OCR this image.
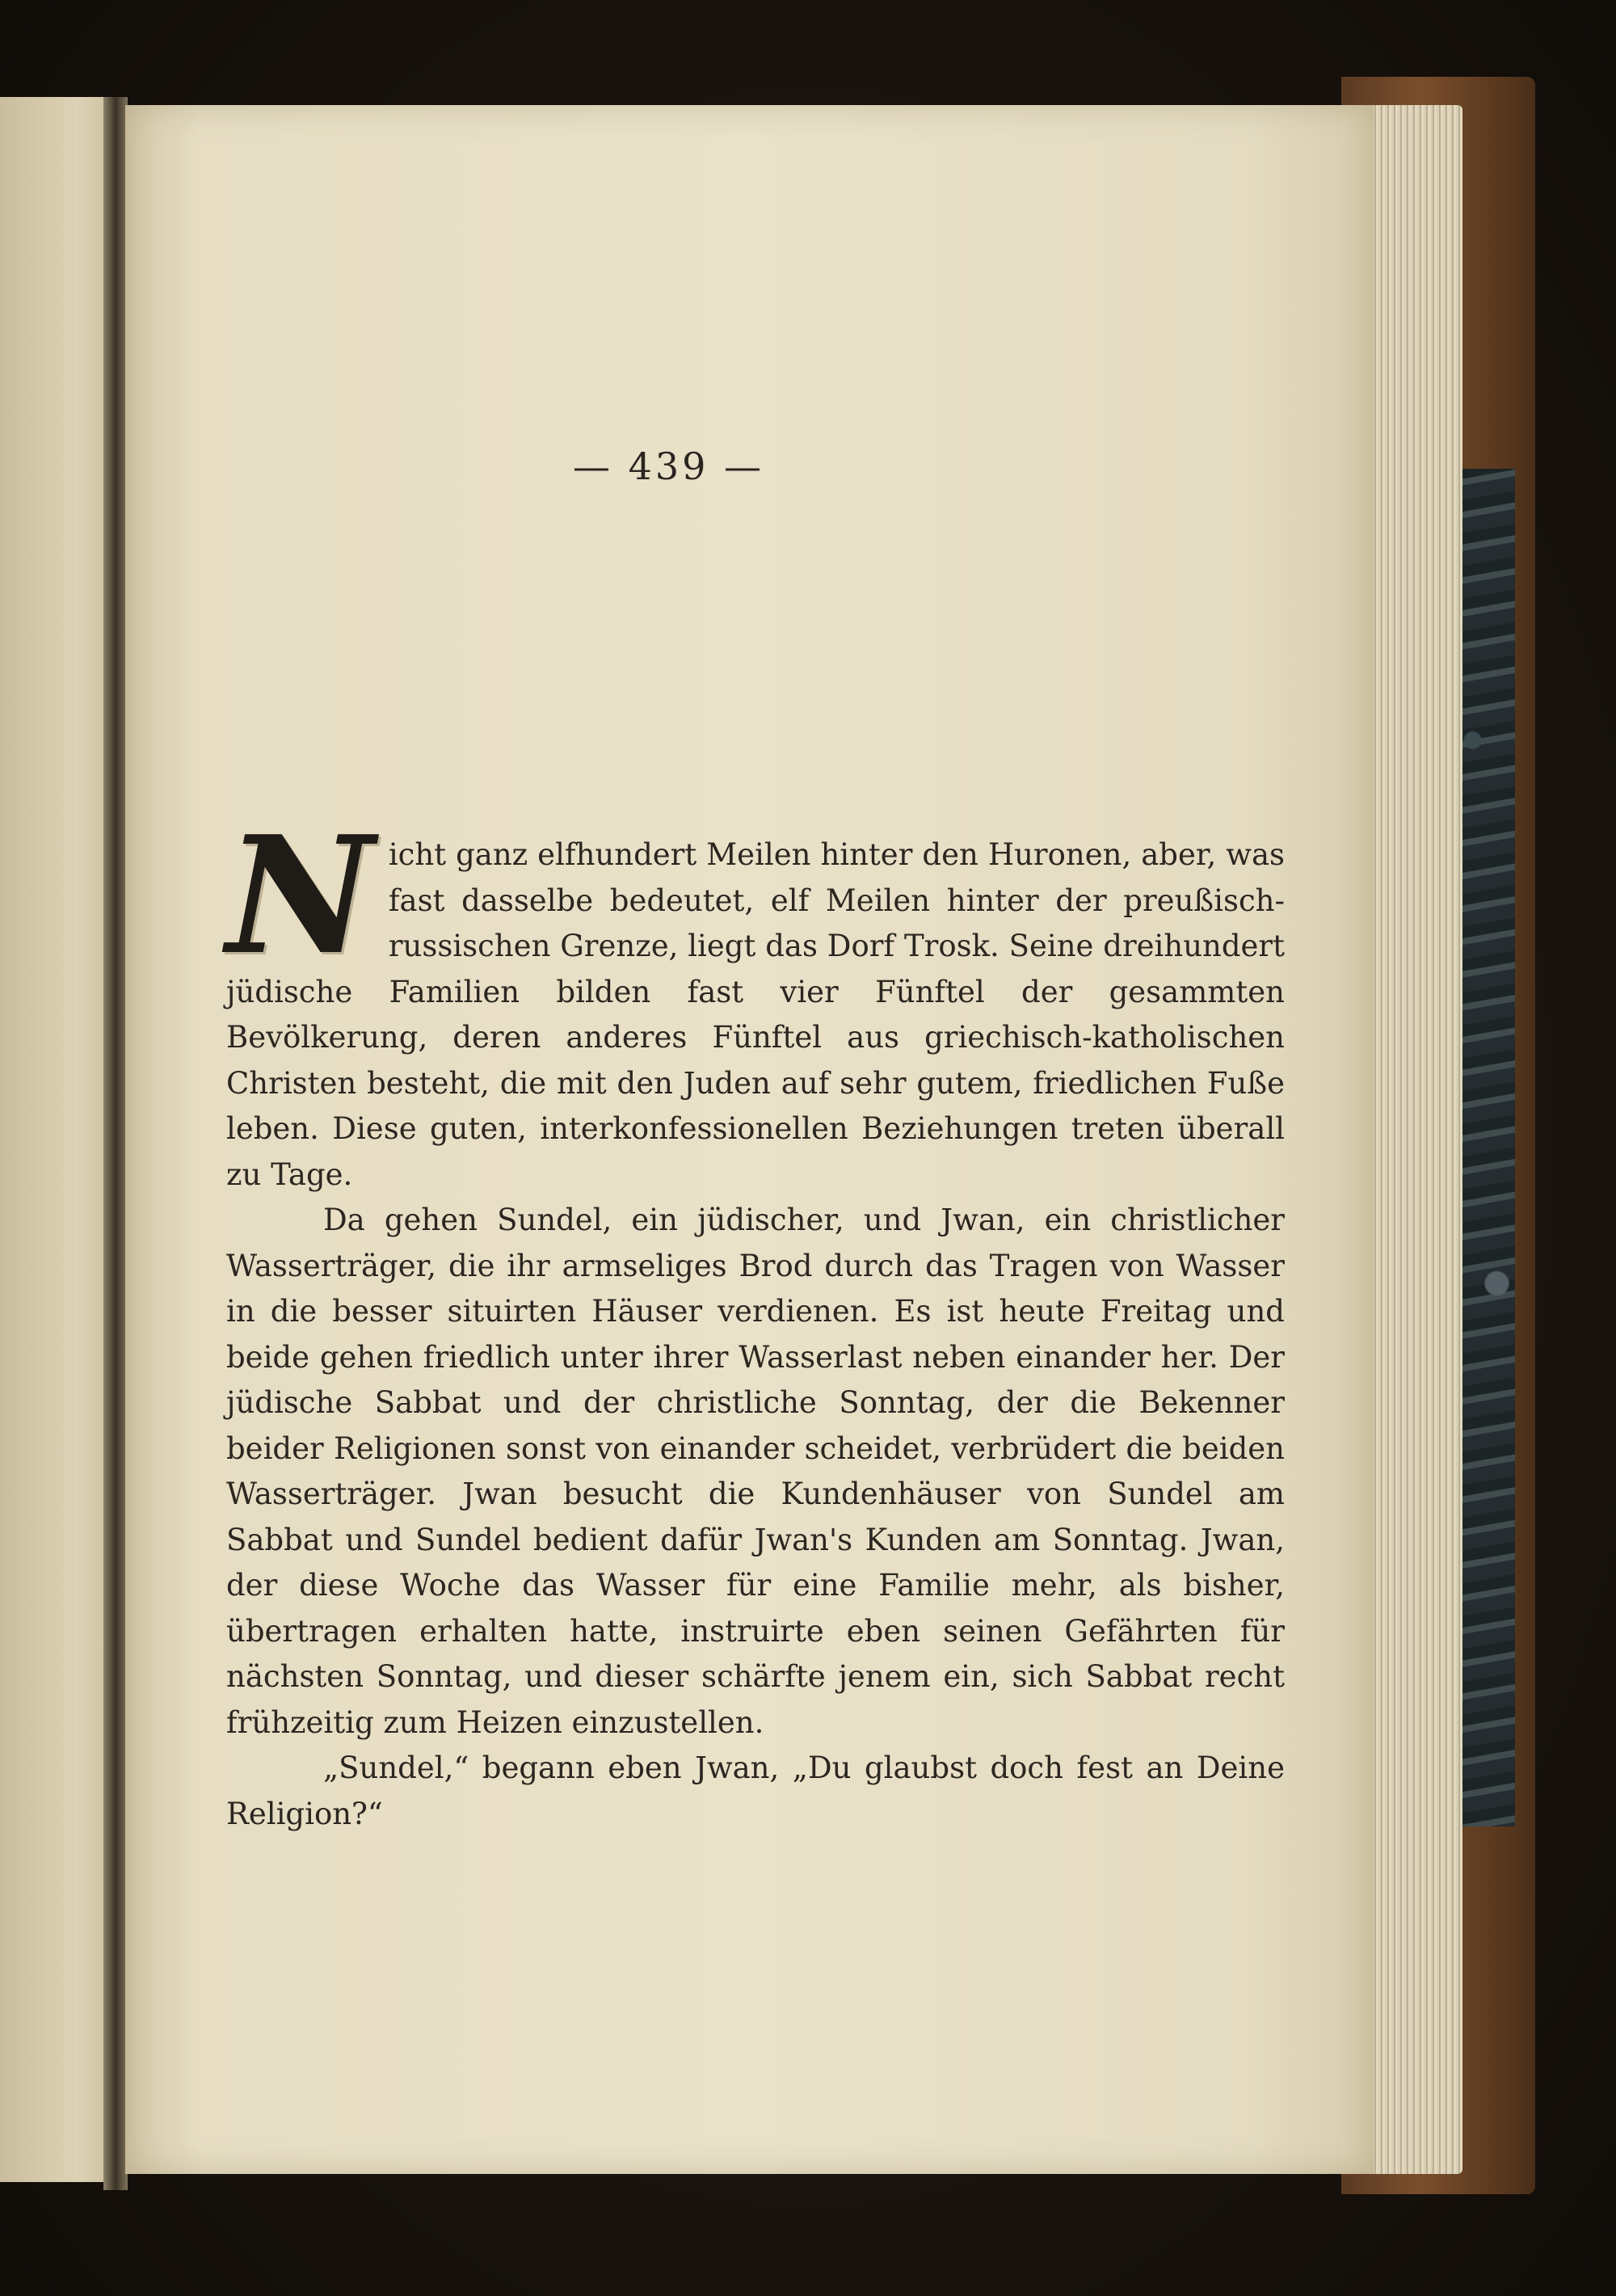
— 439 —

Nicht ganz elfhundert Meilen hinter den Huronen, aber, was fast dasselbe bedeutet, elf Meilen hinter der preußisch-russischen Grenze, liegt das Dorf Trosk. Seine dreihundert jüdische Familien bilden fast vier Fünftel der gesammten Bevölkerung, deren anderes Fünftel aus griechisch-katholischen Christen besteht, die mit den Juden auf sehr gutem, friedlichen Fuße leben. Diese guten, interkonfessionellen Beziehungen treten überall zu Tage.

Da gehen Sundel, ein jüdischer, und Jwan, ein christlicher Wasserträger, die ihr armseliges Brod durch das Tragen von Wasser in die besser situirten Häuser verdienen. Es ist heute Freitag und beide gehen friedlich unter ihrer Wasserlast neben einander her. Der jüdische Sabbat und der christliche Sonntag, der die Bekenner beider Religionen sonst von einander scheidet, verbrüdert die beiden Wasserträger. Jwan besucht die Kundenhäuser von Sundel am Sabbat und Sundel bedient dafür Jwan's Kunden am Sonntag. Jwan, der diese Woche das Wasser für eine Familie mehr, als bisher, übertragen erhalten hatte, instruirte eben seinen Gefährten für nächsten Sonntag, und dieser schärfte jenem ein, sich Sabbat recht frühzeitig zum Heizen einzustellen.

„Sundel,“ begann eben Jwan, „Du glaubst doch fest an Deine Religion?“
